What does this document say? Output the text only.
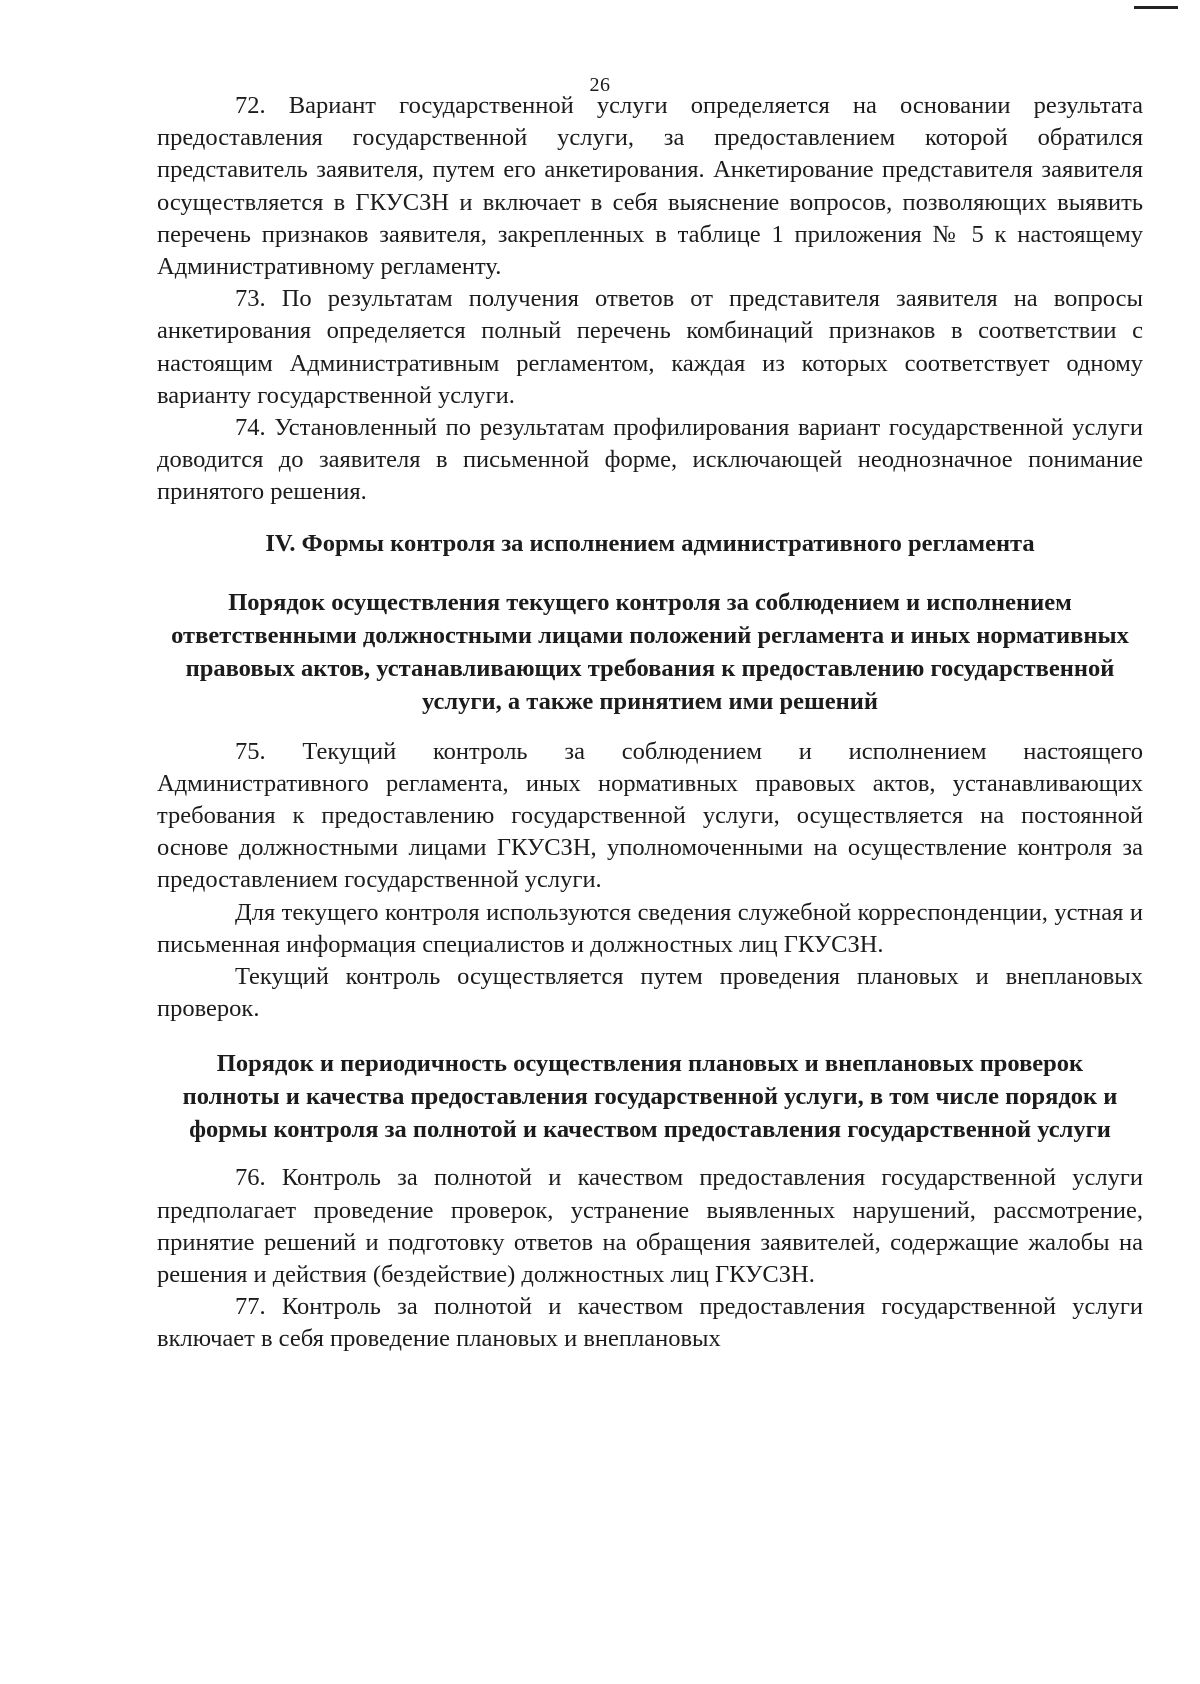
26

72. Вариант государственной услуги определяется на основании результата предоставления государственной услуги, за предоставлением которой обратился представитель заявителя, путем его анкетирования. Анкетирование представителя заявителя осуществляется в ГКУСЗН и включает в себя выяснение вопросов, позволяющих выявить перечень признаков заявителя, закрепленных в таблице 1 приложения № 5 к настоящему Административному регламенту.

73. По результатам получения ответов от представителя заявителя на вопросы анкетирования определяется полный перечень комбинаций признаков в соответствии с настоящим Административным регламентом, каждая из которых соответствует одному варианту государственной услуги.

74. Установленный по результатам профилирования вариант государственной услуги доводится до заявителя в письменной форме, исключающей неоднозначное понимание принятого решения.

IV. Формы контроля за исполнением административного регламента

Порядок осуществления текущего контроля за соблюдением и исполнением ответственными должностными лицами положений регламента и иных нормативных правовых актов, устанавливающих требования к предоставлению государственной услуги, а также принятием ими решений

75. Текущий контроль за соблюдением и исполнением настоящего Административного регламента, иных нормативных правовых актов, устанавливающих требования к предоставлению государственной услуги, осуществляется на постоянной основе должностными лицами ГКУСЗН, уполномоченными на осуществление контроля за предоставлением государственной услуги.

Для текущего контроля используются сведения служебной корреспонденции, устная и письменная информация специалистов и должностных лиц ГКУСЗН.

Текущий контроль осуществляется путем проведения плановых и внеплановых проверок.

Порядок и периодичность осуществления плановых и внеплановых проверок полноты и качества предоставления государственной услуги, в том числе порядок и формы контроля за полнотой и качеством предоставления государственной услуги

76. Контроль за полнотой и качеством предоставления государственной услуги предполагает проведение проверок, устранение выявленных нарушений, рассмотрение, принятие решений и подготовку ответов на обращения заявителей, содержащие жалобы на решения и действия (бездействие) должностных лиц ГКУСЗН.

77. Контроль за полнотой и качеством предоставления государственной услуги включает в себя проведение плановых и внеплановых
